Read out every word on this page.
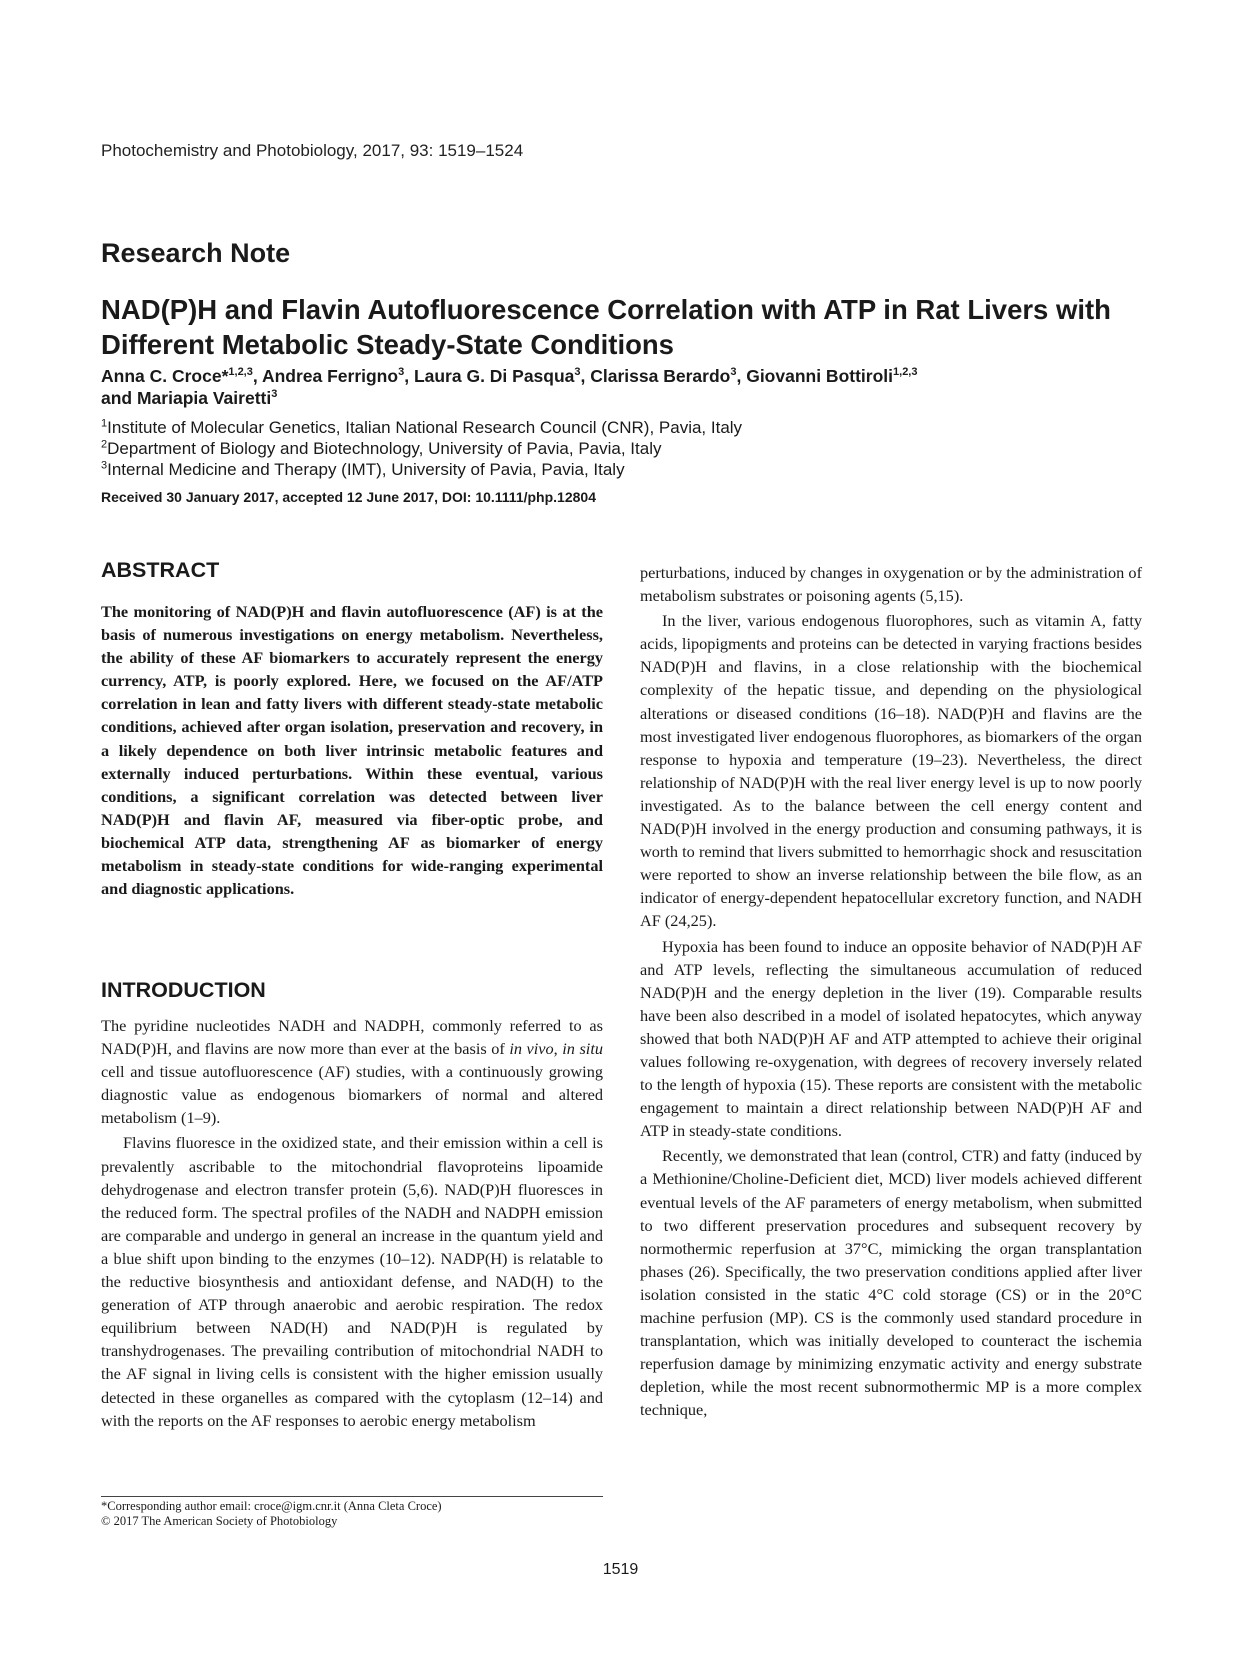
Photochemistry and Photobiology, 2017, 93: 1519–1524
Research Note
NAD(P)H and Flavin Autofluorescence Correlation with ATP in Rat Livers with Different Metabolic Steady-State Conditions
Anna C. Croce*$^{1,2,3}$, Andrea Ferrigno$^3$, Laura G. Di Pasqua$^3$, Clarissa Berardo$^3$, Giovanni Bottiroli$^{1,2,3}$
and Mariapia Vairetti$^3$
$^1$Institute of Molecular Genetics, Italian National Research Council (CNR), Pavia, Italy
$^2$Department of Biology and Biotechnology, University of Pavia, Pavia, Italy
$^3$Internal Medicine and Therapy (IMT), University of Pavia, Pavia, Italy
Received 30 January 2017, accepted 12 June 2017, DOI: 10.1111/php.12804
ABSTRACT
The monitoring of NAD(P)H and flavin autofluorescence (AF) is at the basis of numerous investigations on energy metabolism. Nevertheless, the ability of these AF biomarkers to accurately represent the energy currency, ATP, is poorly explored. Here, we focused on the AF/ATP correlation in lean and fatty livers with different steady-state metabolic conditions, achieved after organ isolation, preservation and recovery, in a likely dependence on both liver intrinsic metabolic features and externally induced perturbations. Within these eventual, various conditions, a significant correlation was detected between liver NAD(P)H and flavin AF, measured via fiber-optic probe, and biochemical ATP data, strengthening AF as biomarker of energy metabolism in steady-state conditions for wide-ranging experimental and diagnostic applications.
INTRODUCTION

The pyridine nucleotides NADH and NADPH, commonly referred to as NAD(P)H, and flavins are now more than ever at the basis of in vivo, in situ cell and tissue autofluorescence (AF) studies, with a continuously growing diagnostic value as endogenous biomarkers of normal and altered metabolism (1–9).

Flavins fluoresce in the oxidized state, and their emission within a cell is prevalently ascribable to the mitochondrial flavoproteins lipoamide dehydrogenase and electron transfer protein (5,6). NAD(P)H fluoresces in the reduced form. The spectral profiles of the NADH and NADPH emission are comparable and undergo in general an increase in the quantum yield and a blue shift upon binding to the enzymes (10–12). NADP(H) is relatable to the reductive biosynthesis and antioxidant defense, and NAD(H) to the generation of ATP through anaerobic and aerobic respiration. The redox equilibrium between NAD(H) and NAD(P)H is regulated by transhydrogenases. The prevailing contribution of mitochondrial NADH to the AF signal in living cells is consistent with the higher emission usually detected in these organelles as compared with the cytoplasm (12–14) and with the reports on the AF responses to aerobic energy metabolism

perturbations, induced by changes in oxygenation or by the administration of metabolism substrates or poisoning agents (5,15).

In the liver, various endogenous fluorophores, such as vitamin A, fatty acids, lipopigments and proteins can be detected in varying fractions besides NAD(P)H and flavins, in a close relationship with the biochemical complexity of the hepatic tissue, and depending on the physiological alterations or diseased conditions (16–18). NAD(P)H and flavins are the most investigated liver endogenous fluorophores, as biomarkers of the organ response to hypoxia and temperature (19–23). Nevertheless, the direct relationship of NAD(P)H with the real liver energy level is up to now poorly investigated. As to the balance between the cell energy content and NAD(P)H involved in the energy production and consuming pathways, it is worth to remind that livers submitted to hemorrhagic shock and resuscitation were reported to show an inverse relationship between the bile flow, as an indicator of energy-dependent hepatocellular excretory function, and NADH AF (24,25).

Hypoxia has been found to induce an opposite behavior of NAD(P)H AF and ATP levels, reflecting the simultaneous accumulation of reduced NAD(P)H and the energy depletion in the liver (19). Comparable results have been also described in a model of isolated hepatocytes, which anyway showed that both NAD(P)H AF and ATP attempted to achieve their original values following re-oxygenation, with degrees of recovery inversely related to the length of hypoxia (15). These reports are consistent with the metabolic engagement to maintain a direct relationship between NAD(P)H AF and ATP in steady-state conditions.

Recently, we demonstrated that lean (control, CTR) and fatty (induced by a Methionine/Choline-Deficient diet, MCD) liver models achieved different eventual levels of the AF parameters of energy metabolism, when submitted to two different preservation procedures and subsequent recovery by normothermic reperfusion at 37°C, mimicking the organ transplantation phases (26). Specifically, the two preservation conditions applied after liver isolation consisted in the static 4°C cold storage (CS) or in the 20°C machine perfusion (MP). CS is the commonly used standard procedure in transplantation, which was initially developed to counteract the ischemia reperfusion damage by minimizing enzymatic activity and energy substrate depletion, while the most recent subnormothermic MP is a more complex technique,

*Corresponding author email: croce@igm.cnr.it (Anna Cleta Croce)
© 2017 The American Society of Photobiology
1519
